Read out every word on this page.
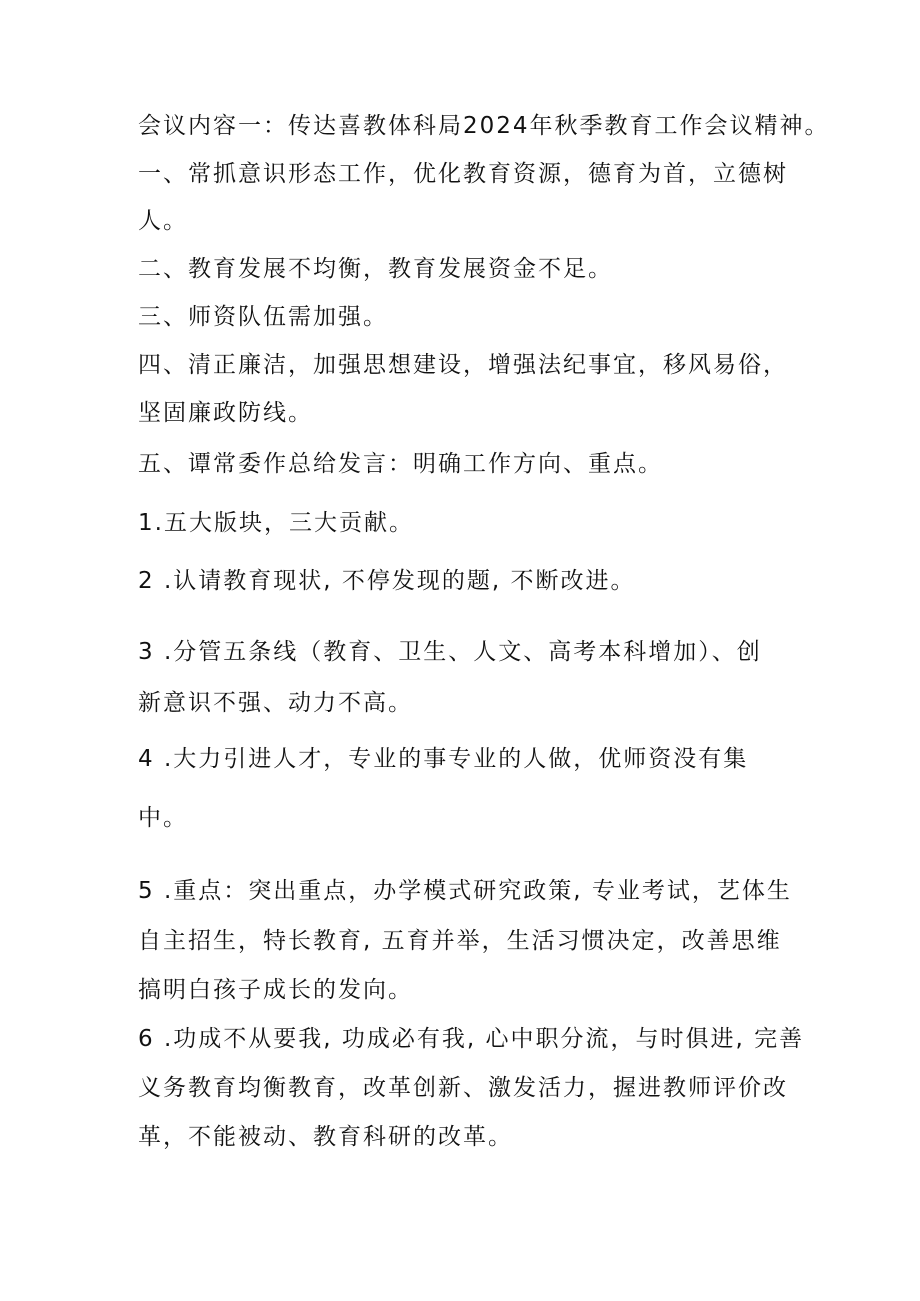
会议内容一：传达喜教体科局2024年秋季教育工作会议精神。
一、常抓意识形态工作，优化教育资源，德育为首，立德树
人。
二、教育发展不均衡，教育发展资金不足。
三、师资队伍需加强。
四、清正廉洁，加强思想建设，增强法纪事宜，移风易俗，
坚固廉政防线。
五、谭常委作总给发言：明确工作方向、重点。
1.五大版块，三大贡献。
2 .认请教育现状, 不停发现的题, 不断改进。
3 .分管五条线（教育、卫生、人文、高考本科增加）、创
新意识不强、动力不高。
4 .大力引进人才，专业的事专业的人做，优师资没有集
中。
5 .重点：突出重点，办学模式研究政策, 专业考试，艺体生
自主招生，特长教育, 五育并举，生活习惯决定，改善思维
搞明白孩子成长的发向。
6 .功成不从要我, 功成必有我, 心中职分流，与时俱进, 完善
义务教育均衡教育，改革创新、激发活力，握进教师评价改
革，不能被动、教育科研的改革。
